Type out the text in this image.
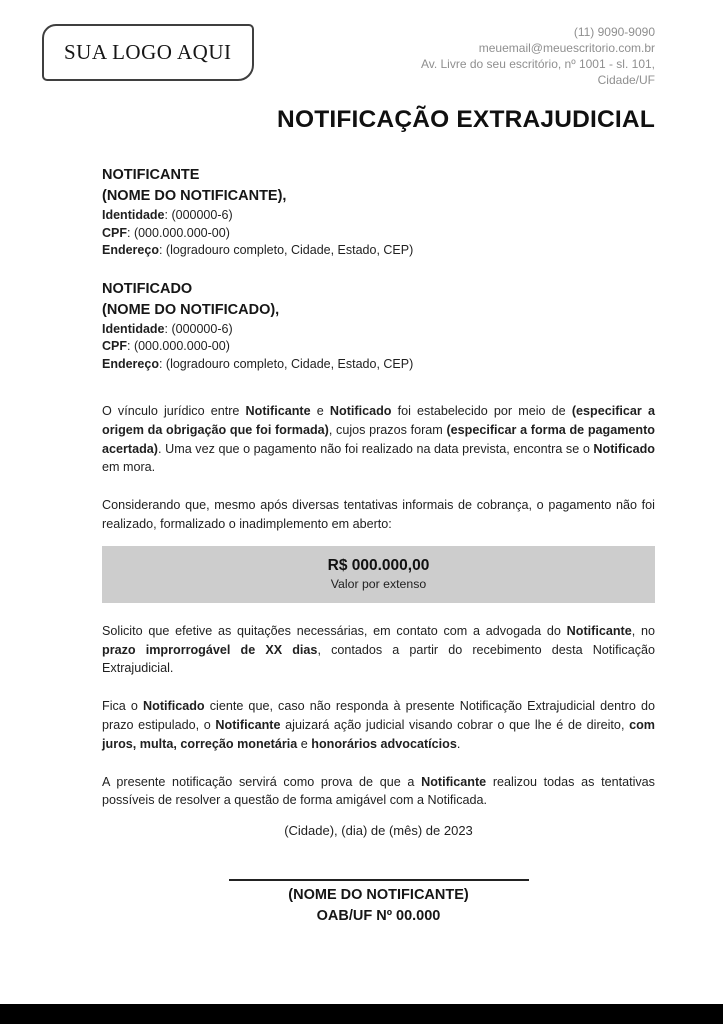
SUA LOGO AQUI
(11) 9090-9090
meuemail@meuescritorio.com.br
Av. Livre do seu escritório, nº 1001 - sl. 101,
Cidade/UF
NOTIFICAÇÃO EXTRAJUDICIAL
NOTIFICANTE
(NOME DO NOTIFICANTE),
Identidade: (000000-6)
CPF: (000.000.000-00)
Endereço: (logradouro completo, Cidade, Estado, CEP)
NOTIFICADO
(NOME DO NOTIFICADO),
Identidade: (000000-6)
CPF: (000.000.000-00)
Endereço: (logradouro completo, Cidade, Estado, CEP)

O vínculo jurídico entre Notificante e Notificado foi estabelecido por meio de (especificar a origem da obrigação que foi formada), cujos prazos foram (especificar a forma de pagamento acertada). Uma vez que o pagamento não foi realizado na data prevista, encontra se o Notificado em mora.

Considerando que, mesmo após diversas tentativas informais de cobrança, o pagamento não foi realizado, formalizado o inadimplemento em aberto:

R$ 000.000,00
Valor por extenso

Solicito que efetive as quitações necessárias, em contato com a advogada do Notificante, no prazo improrrogável de XX dias, contados a partir do recebimento desta Notificação Extrajudicial.

Fica o Notificado ciente que, caso não responda à presente Notificação Extrajudicial dentro do prazo estipulado, o Notificante ajuizará ação judicial visando cobrar o que lhe é de direito, com juros, multa, correção monetária e honorários advocatícios.

A presente notificação servirá como prova de que a Notificante realizou todas as tentativas possíveis de resolver a questão de forma amigável com a Notificada.

(Cidade), (dia) de (mês) de 2023
(NOME DO NOTIFICANTE)
OAB/UF Nº 00.000
